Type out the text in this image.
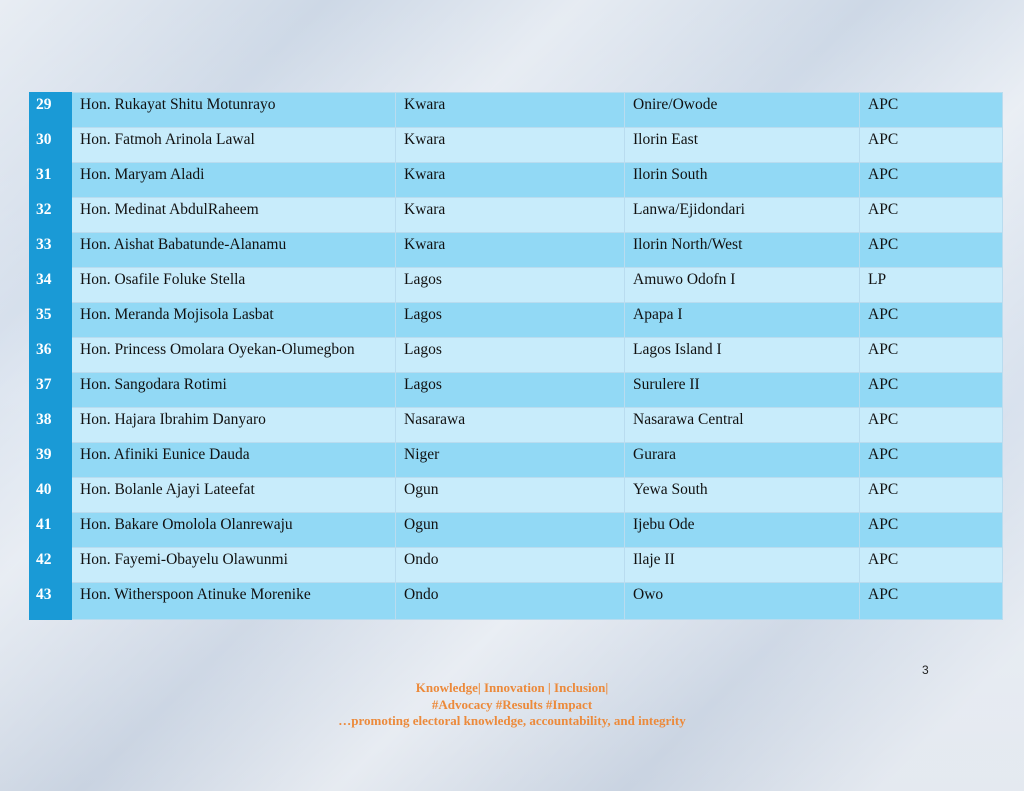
29	Hon. Rukayat Shitu Motunrayo	Kwara	Onire/Owode	APC
30	Hon. Fatmoh Arinola Lawal	Kwara	Ilorin East	APC
31	Hon. Maryam Aladi	Kwara	Ilorin South	APC
32	Hon. Medinat AbdulRaheem	Kwara	Lanwa/Ejidondari	APC
33	Hon. Aishat Babatunde-Alanamu	Kwara	Ilorin North/West	APC
34	Hon. Osafile Foluke Stella	Lagos	Amuwo Odofn I	LP
35	Hon. Meranda Mojisola Lasbat	Lagos	Apapa I	APC
36	Hon. Princess Omolara Oyekan-Olumegbon	Lagos	Lagos Island I	APC
37	Hon. Sangodara Rotimi	Lagos	Surulere II	APC
38	Hon. Hajara Ibrahim Danyaro	Nasarawa	Nasarawa Central	APC
39	Hon. Afiniki Eunice Dauda	Niger	Gurara	APC
40	Hon. Bolanle Ajayi Lateefat	Ogun	Yewa South	APC
41	Hon. Bakare Omolola Olanrewaju	Ogun	Ijebu Ode	APC
42	Hon. Fayemi-Obayelu Olawunmi	Ondo	Ilaje II	APC
43	Hon. Witherspoon Atinuke Morenike	Ondo	Owo	APC
3
Knowledge| Innovation | Inclusion|
#Advocacy #Results #Impact
…promoting electoral knowledge, accountability, and integrity
